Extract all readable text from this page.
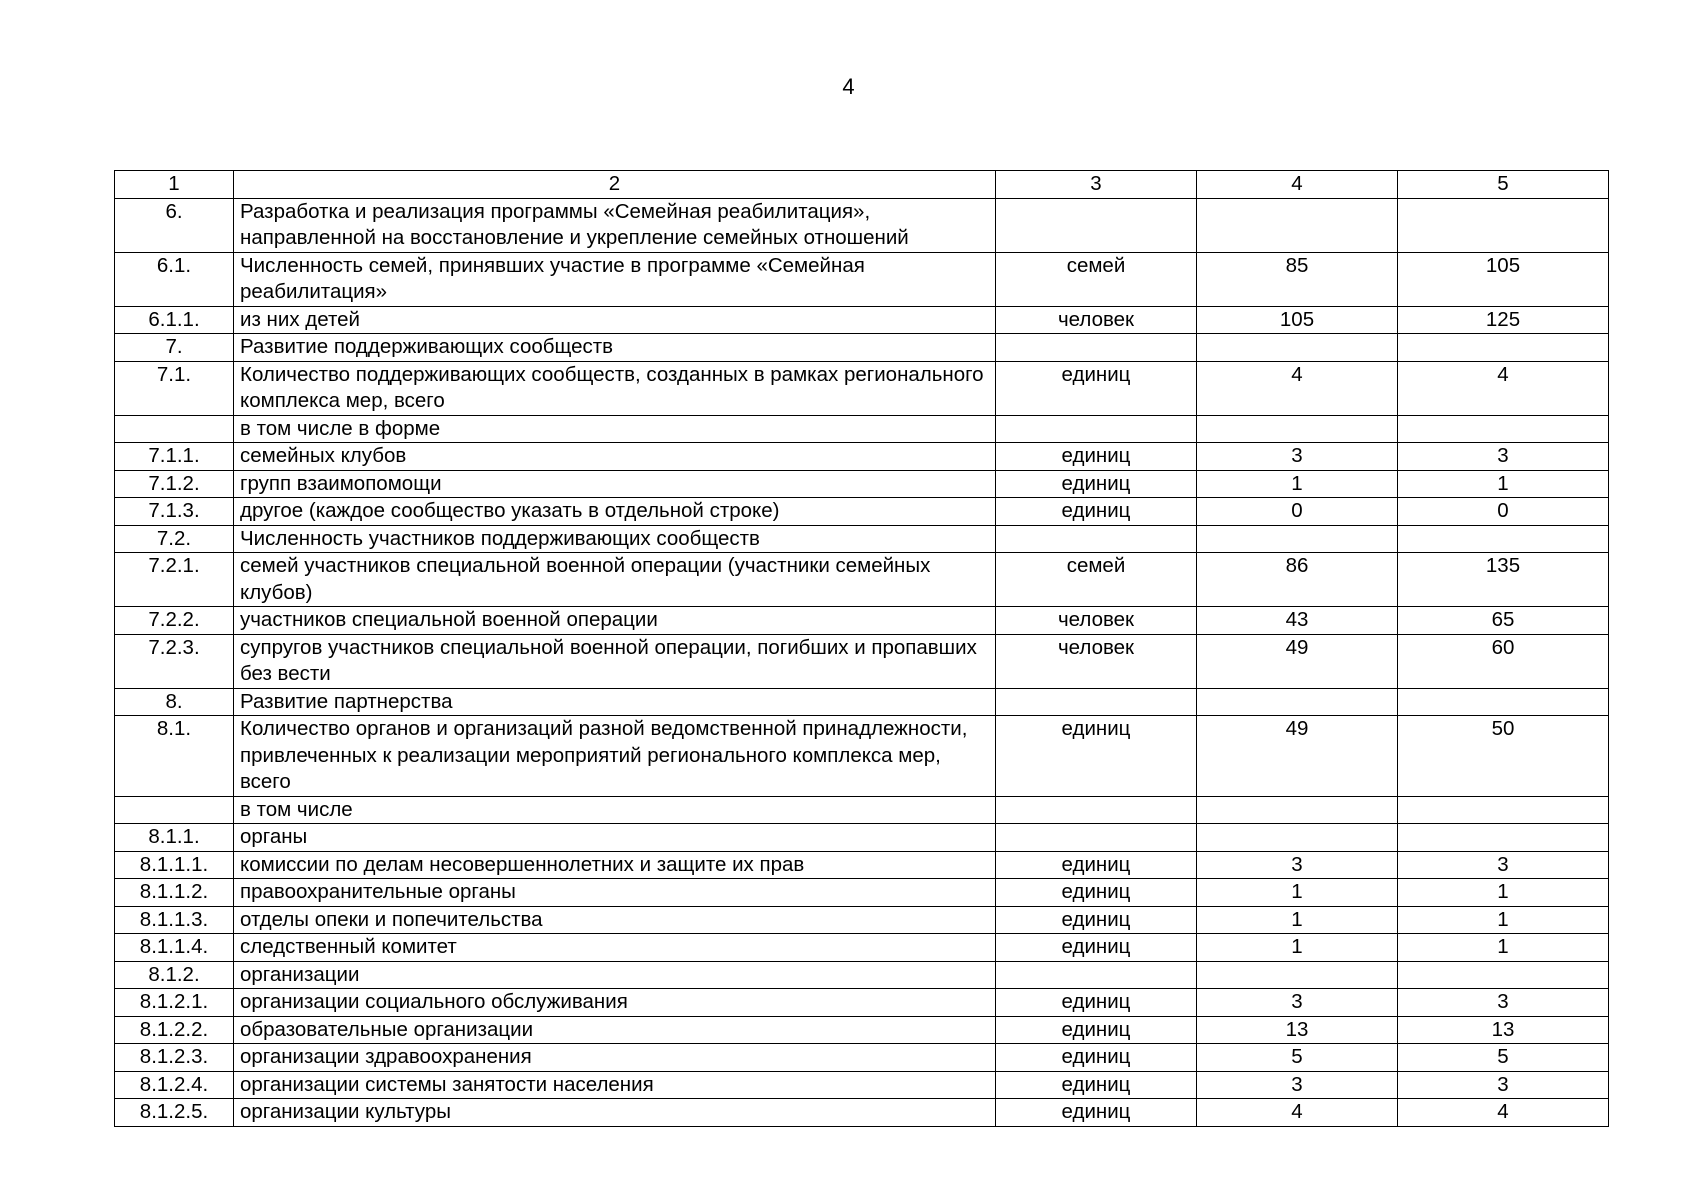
4
1	2	3	4	5
6.	Разработка и реализация программы «Семейная реабилитация», направленной на восстановление и укрепление семейных отношений			
6.1.	Численность семей, принявших участие в программе «Семейная реабилитация»	семей	85	105
6.1.1.	из них детей	человек	105	125
7.	Развитие поддерживающих сообществ			
7.1.	Количество поддерживающих сообществ, созданных в рамках регионального комплекса мер, всего	единиц	4	4
	в том числе в форме			
7.1.1.	семейных клубов	единиц	3	3
7.1.2.	групп взаимопомощи	единиц	1	1
7.1.3.	другое (каждое сообщество указать в отдельной строке)	единиц	0	0
7.2.	Численность участников поддерживающих сообществ			
7.2.1.	семей участников специальной военной операции (участники семейных клубов)	семей	86	135
7.2.2.	участников специальной военной операции	человек	43	65
7.2.3.	супругов участников специальной военной операции, погибших и пропавших без вести	человек	49	60
8.	Развитие партнерства			
8.1.	Количество органов и организаций разной ведомственной принадлежности, привлеченных к реализации мероприятий регионального комплекса мер, всего	единиц	49	50
	в том числе			
8.1.1.	органы			
8.1.1.1.	комиссии по делам несовершеннолетних и защите их прав	единиц	3	3
8.1.1.2.	правоохранительные органы	единиц	1	1
8.1.1.3.	отделы опеки и попечительства	единиц	1	1
8.1.1.4.	следственный комитет	единиц	1	1
8.1.2.	организации			
8.1.2.1.	организации социального обслуживания	единиц	3	3
8.1.2.2.	образовательные организации	единиц	13	13
8.1.2.3.	организации здравоохранения	единиц	5	5
8.1.2.4.	организации системы занятости населения	единиц	3	3
8.1.2.5.	организации культуры	единиц	4	4
